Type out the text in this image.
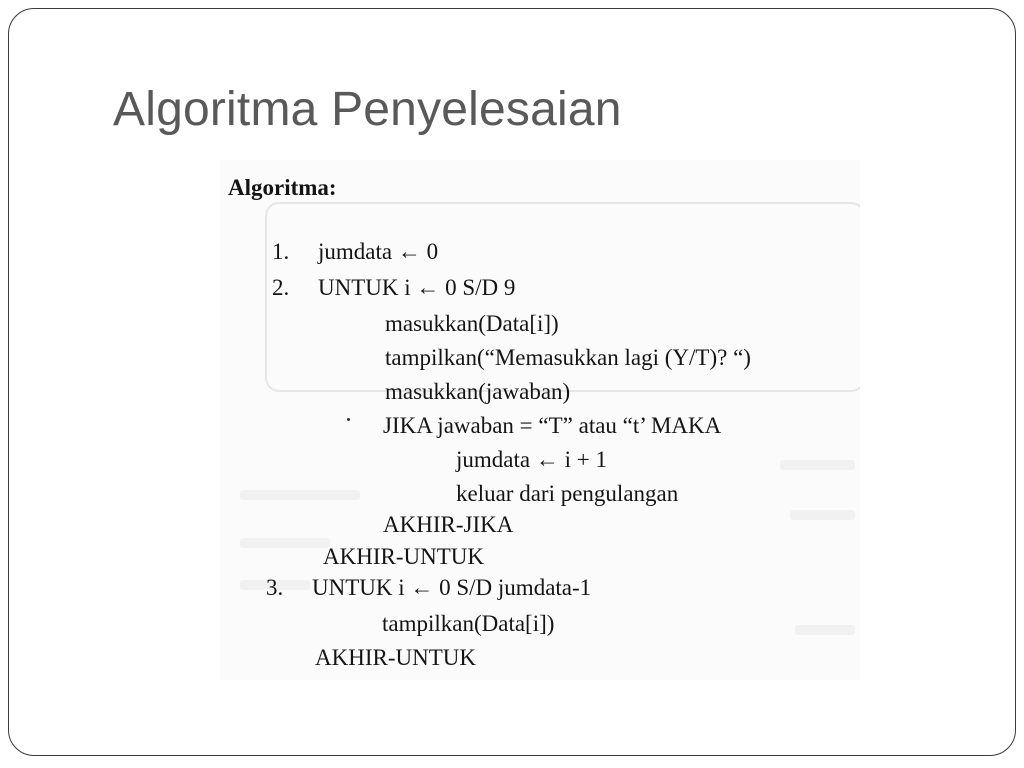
Algoritma Penyelesaian

Algoritma:

1. jumdata ← 0

2. UNTUK i ← 0 S/D 9

masukkan(Data[i])

tampilkan(“Memasukkan lagi (Y/T)? “)

masukkan(jawaban)

JIKA jawaban = “T” atau “t’ MAKA

jumdata ← i + 1

keluar dari pengulangan

AKHIR-JIKA

AKHIR-UNTUK

3. UNTUK i ← 0 S/D jumdata-1

tampilkan(Data[i])

AKHIR-UNTUK
